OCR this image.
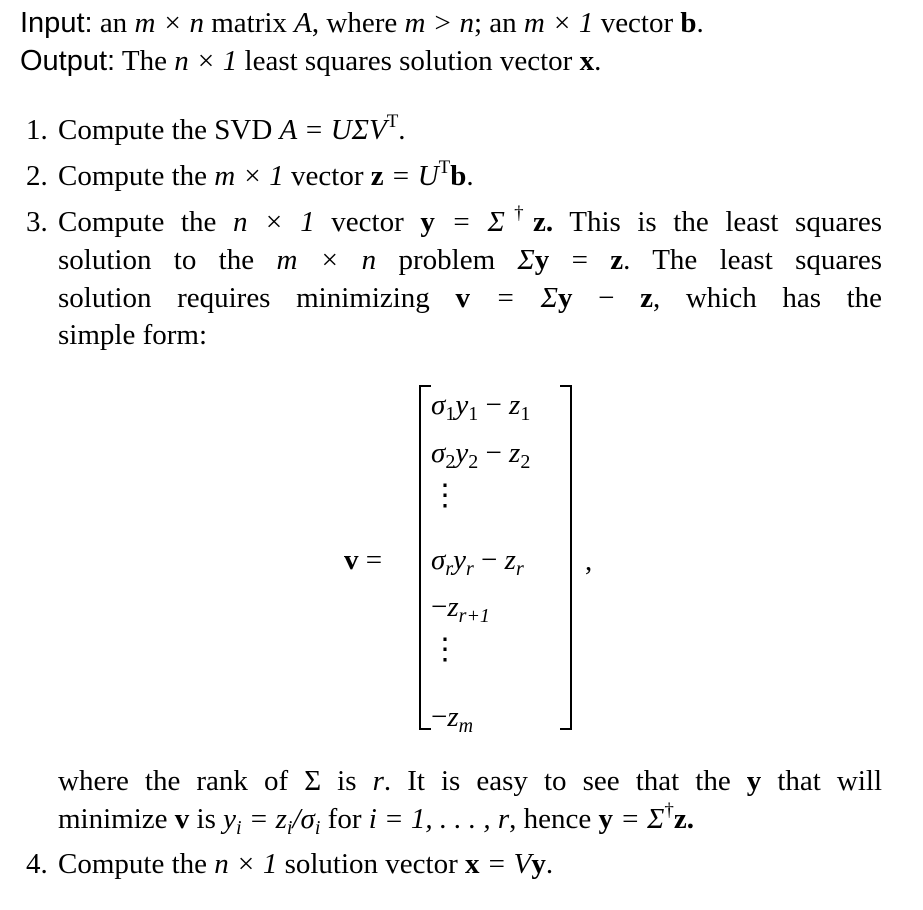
Input: an m × n matrix A, where m > n; an m × 1 vector b.
Output: The n × 1 least squares solution vector x.
1. Compute the SVD $A = U\Sigma V^T$.
2. Compute the m × 1 vector $z = U^Tb$.
3. Compute the n × 1 vector y = Σ†z. This is the least squares
solution to the m × n problem Σy = z. The least squares
solution requires minimizing v = Σy − z, which has the
simple form:
v =
$\sigma_1y_1 - z_1$
$\sigma_2y_2 - z_2$
⋮
$\sigma_ry_r - z_r$
$-z_{r+1}$
⋮
$-z_m$
,
where the rank of Σ is r. It is easy to see that the y that will
minimize v is $y_i = z_i/\sigma_i$ for i = 1, . . . , r, hence y = Σ†z.
4. Compute the n × 1 solution vector x = Vy.
